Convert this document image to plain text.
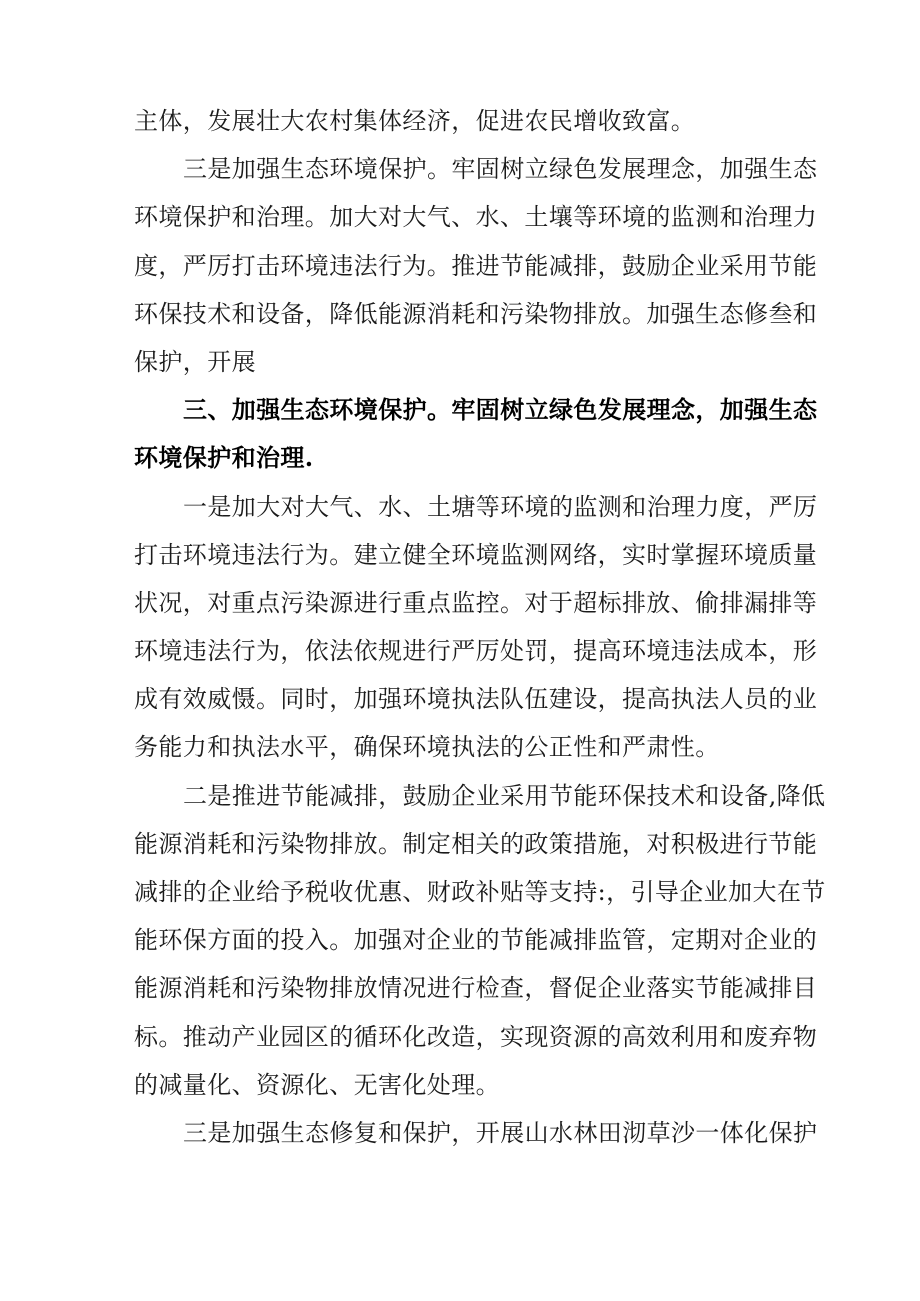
主体，发展壮大农村集体经济，促进农民增收致富。
三是加强生态环境保护。牢固树立绿色发展理念，加强生态
环境保护和治理。加大对大气、水、土壤等环境的监测和治理力
度，严厉打击环境违法行为。推进节能减排，鼓励企业采用节能
环保技术和设备，降低能源消耗和污染物排放。加强生态修叁和
保护，开展
三、加强生态环境保护。牢固树立绿色发展理念，加强生态
环境保护和治理.
一是加大对大气、水、土塘等环境的监测和治理力度，严厉
打击环境违法行为。建立健全环境监测网络，实时掌握环境质量
状况，对重点污染源进行重点监控。对于超标排放、偷排漏排等
环境违法行为，依法依规进行严厉处罚，提高环境违法成本，形
成有效威慑。同时，加强环境执法队伍建设，提高执法人员的业
务能力和执法水平，确保环境执法的公正性和严肃性。
二是推进节能减排，鼓励企业采用节能环保技术和设备,降低
能源消耗和污染物排放。制定相关的政策措施，对积极进行节能
减排的企业给予税收优惠、财政补贴等支持:，引导企业加大在节
能环保方面的投入。加强对企业的节能减排监管，定期对企业的
能源消耗和污染物排放情况进行检查，督促企业落实节能减排目
标。推动产业园区的循环化改造，实现资源的高效利用和废弃物
的减量化、资源化、无害化处理。
三是加强生态修复和保护，开展山水林田沏草沙一体化保护
